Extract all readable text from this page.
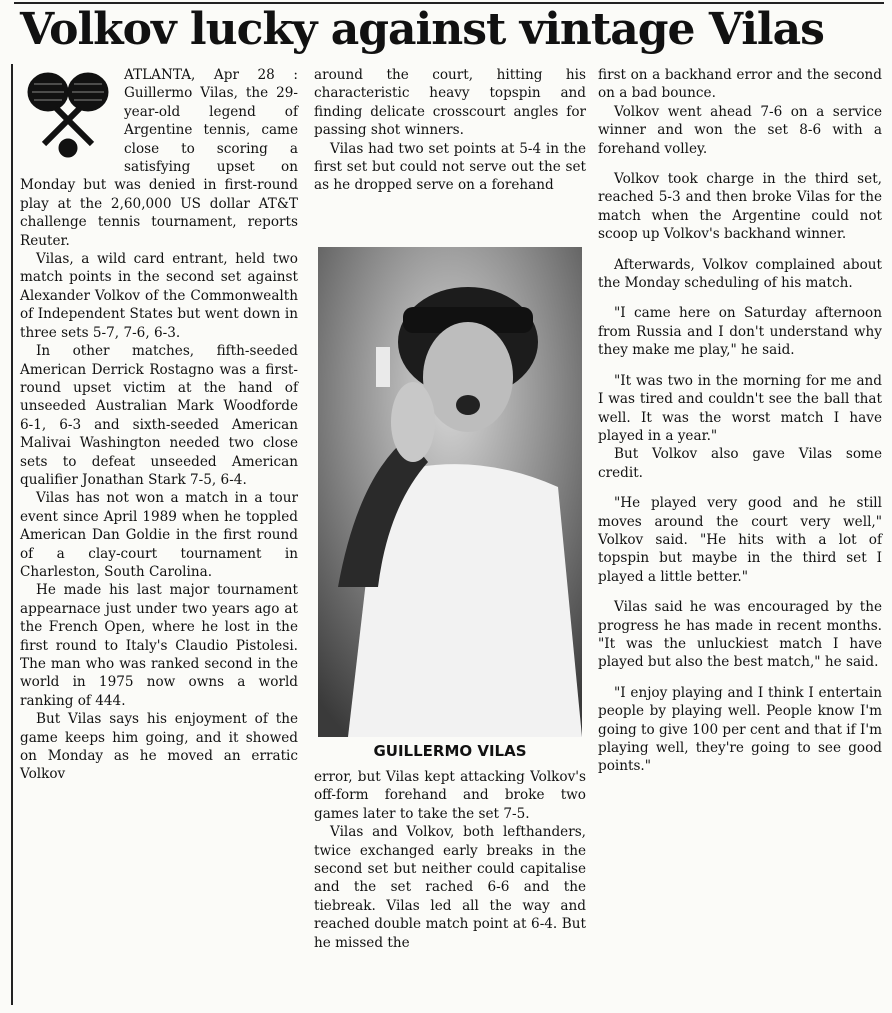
Volkov lucky against vintage Vilas

ATLANTA, Apr 28 : Guillermo Vilas, the 29-year-old legend of Argentine tennis, came close to scoring a satisfying upset on Monday but was denied in first-round play at the 2,60,000 US dollar AT&T challenge tennis tournament, reports Reuter.

Vilas, a wild card entrant, held two match points in the second set against Alexander Volkov of the Commonwealth of Independent States but went down in three sets 5-7, 7-6, 6-3.

In other matches, fifth-seeded American Derrick Rostagno was a first-round upset victim at the hand of unseeded Australian Mark Woodforde 6-1, 6-3 and sixth-seeded American Malivai Washington needed two close sets to defeat unseeded American qualifier Jonathan Stark 7-5, 6-4.

Vilas has not won a match in a tour event since April 1989 when he toppled American Dan Goldie in the first round of a clay-court tournament in Charleston, South Carolina.

He made his last major tournament appearnace just under two years ago at the French Open, where he lost in the first round to Italy's Claudio Pistolesi. The man who was ranked second in the world in 1975 now owns a world ranking of 444.

But Vilas says his enjoyment of the game keeps him going, and it showed on Monday as he moved an erratic Volkov

around the court, hitting his characteristic heavy topspin and finding delicate crosscourt angles for passing shot winners.

Vilas had two set points at 5-4 in the first set but could not serve out the set as he dropped serve on a forehand

GUILLERMO VILAS

error, but Vilas kept attacking Volkov's off-form forehand and broke two games later to take the set 7-5.

Vilas and Volkov, both lefthanders, twice exchanged early breaks in the second set but neither could capitalise and the set rached 6-6 and the tiebreak. Vilas led all the way and reached double match point at 6-4. But he missed the

first on a backhand error and the second on a bad bounce.

Volkov went ahead 7-6 on a service winner and won the set 8-6 with a forehand volley.

Volkov took charge in the third set, reached 5-3 and then broke Vilas for the match when the Argentine could not scoop up Volkov's backhand winner.

Afterwards, Volkov complained about the Monday scheduling of his match.

"I came here on Saturday afternoon from Russia and I don't understand why they make me play," he said.

"It was two in the morning for me and I was tired and couldn't see the ball that well. It was the worst match I have played in a year."

But Volkov also gave Vilas some credit.

"He played very good and he still moves around the court very well," Volkov said. "He hits with a lot of topspin but maybe in the third set I played a little better."

Vilas said he was encouraged by the progress he has made in recent months. "It was the unluckiest match I have played but also the best match," he said.

"I enjoy playing and I think I entertain people by playing well. People know I'm going to give 100 per cent and that if I'm playing well, they're going to see good points."
